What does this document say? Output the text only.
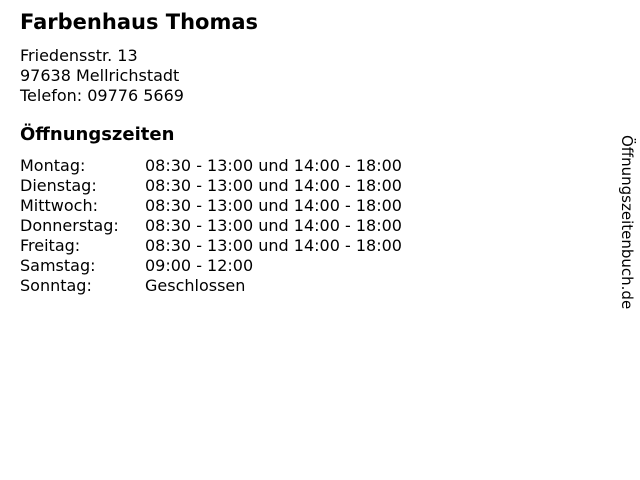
Farbenhaus Thomas
Friedensstr. 13
97638 Mellrichstadt
Telefon: 09776 5669
Öffnungszeiten
Montag:	08:30 - 13:00 und 14:00 - 18:00
Dienstag:	08:30 - 13:00 und 14:00 - 18:00
Mittwoch:	08:30 - 13:00 und 14:00 - 18:00
Donnerstag:	08:30 - 13:00 und 14:00 - 18:00
Freitag:	08:30 - 13:00 und 14:00 - 18:00
Samstag:	09:00 - 12:00
Sonntag:	Geschlossen	Öffnungszeitenbuch.de
